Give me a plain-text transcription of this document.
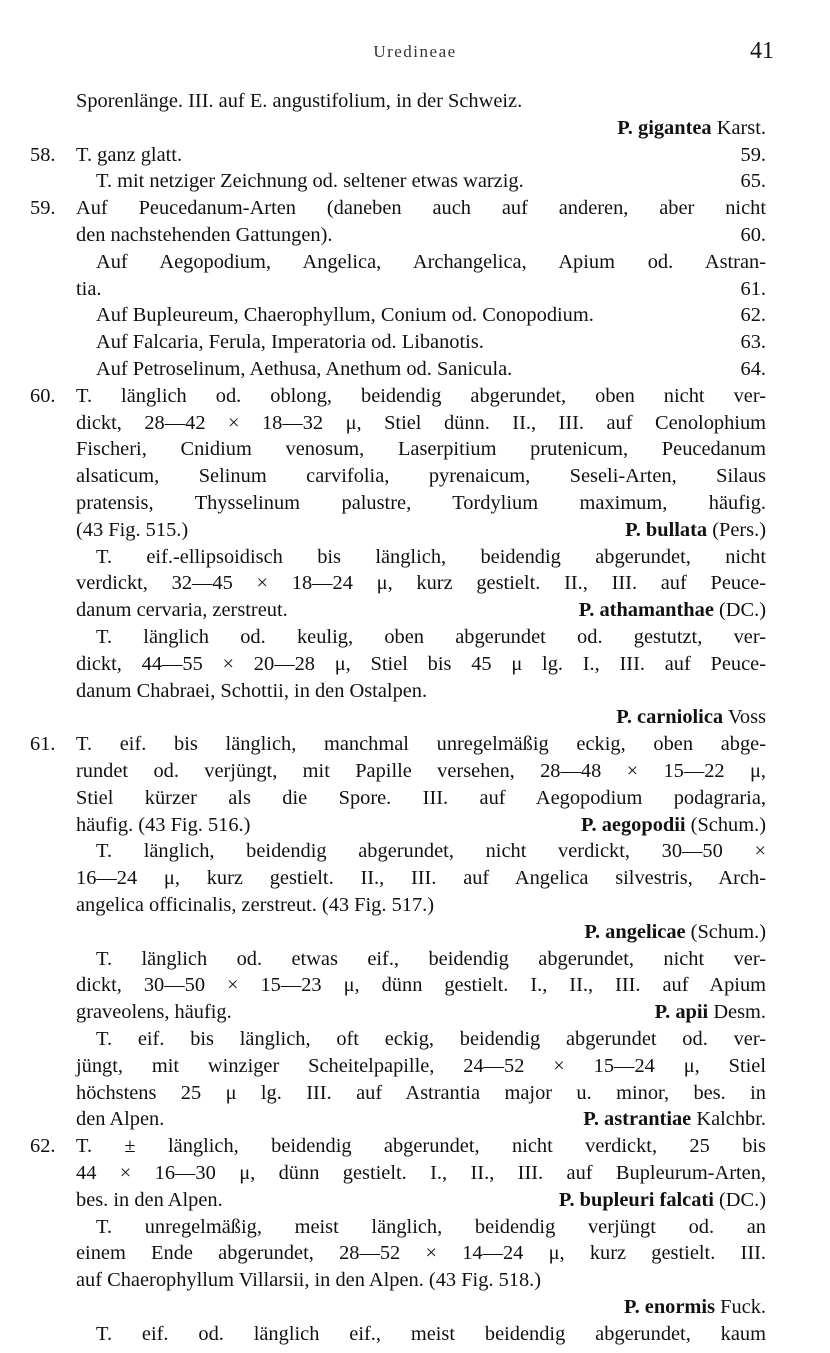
Uredineae	41
Sporenlänge. III. auf E. angustifolium, in der Schweiz.
P. gigantea Karst.
58. T. ganz glatt.	59.
T. mit netziger Zeichnung od. seltener etwas warzig.	65.
59. Auf Peucedanum-Arten (daneben auch auf anderen, aber nicht
den nachstehenden Gattungen).	60.
Auf Aegopodium, Angelica, Archangelica, Apium od. Astran-
tia.	61.
Auf Bupleureum, Chaerophyllum, Conium od. Conopodium.	62.
Auf Falcaria, Ferula, Imperatoria od. Libanotis.	63.
Auf Petroselinum, Aethusa, Anethum od. Sanicula.	64.
60. T. länglich od. oblong, beidendig abgerundet, oben nicht ver-
dickt, 28—42 × 18—32 μ, Stiel dünn. II., III. auf Cenolophium
Fischeri, Cnidium venosum, Laserpitium prutenicum, Peucedanum
alsaticum, Selinum carvifolia, pyrenaicum, Seseli-Arten, Silaus
pratensis, Thysselinum palustre, Tordylium maximum, häufig.
(43 Fig. 515.)	P. bullata (Pers.)
T. eif.-ellipsoidisch bis länglich, beidendig abgerundet, nicht
verdickt, 32—45 × 18—24 μ, kurz gestielt. II., III. auf Peuce-
danum cervaria, zerstreut.	P. athamanthae (DC.)
T. länglich od. keulig, oben abgerundet od. gestutzt, ver-
dickt, 44—55 × 20—28 μ, Stiel bis 45 μ lg. I., III. auf Peuce-
danum Chabraei, Schottii, in den Ostalpen.
P. carniolica Voss
61. T. eif. bis länglich, manchmal unregelmäßig eckig, oben abge-
rundet od. verjüngt, mit Papille versehen, 28—48 × 15—22 μ,
Stiel kürzer als die Spore. III. auf Aegopodium podagraria,
häufig. (43 Fig. 516.)	P. aegopodii (Schum.)
T. länglich, beidendig abgerundet, nicht verdickt, 30—50 ×
16—24 μ, kurz gestielt. II., III. auf Angelica silvestris, Arch-
angelica officinalis, zerstreut. (43 Fig. 517.)
P. angelicae (Schum.)
T. länglich od. etwas eif., beidendig abgerundet, nicht ver-
dickt, 30—50 × 15—23 μ, dünn gestielt. I., II., III. auf Apium
graveolens, häufig.	P. apii Desm.
T. eif. bis länglich, oft eckig, beidendig abgerundet od. ver-
jüngt, mit winziger Scheitelpapille, 24—52 × 15—24 μ, Stiel
höchstens 25 μ lg. III. auf Astrantia major u. minor, bes. in
den Alpen.	P. astrantiae Kalchbr.
62. T. ± länglich, beidendig abgerundet, nicht verdickt, 25 bis
44 × 16—30 μ, dünn gestielt. I., II., III. auf Bupleurum-Arten,
bes. in den Alpen.	P. bupleuri falcati (DC.)
T. unregelmäßig, meist länglich, beidendig verjüngt od. an
einem Ende abgerundet, 28—52 × 14—24 μ, kurz gestielt. III.
auf Chaerophyllum Villarsii, in den Alpen. (43 Fig. 518.)
P. enormis Fuck.
T. eif. od. länglich eif., meist beidendig abgerundet, kaum
